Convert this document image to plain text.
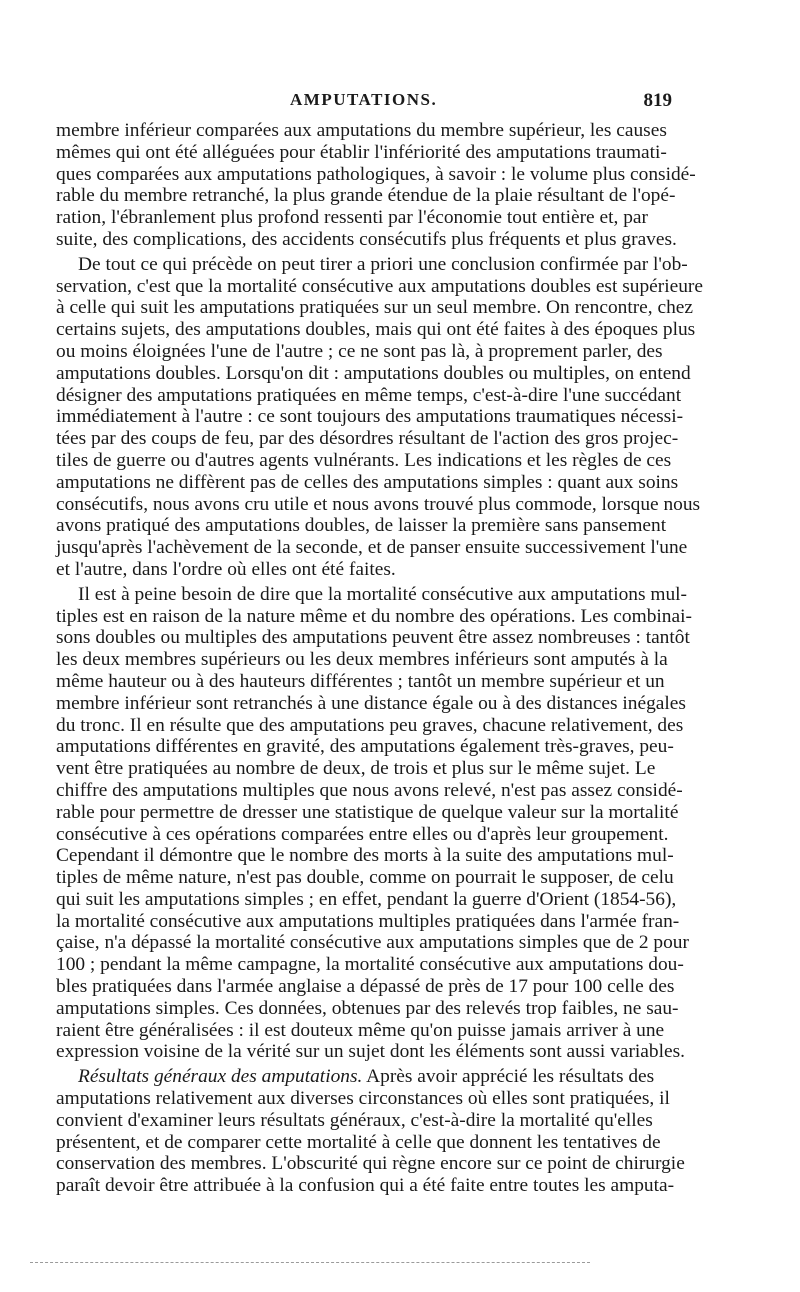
AMPUTATIONS.	819
membre inférieur comparées aux amputations du membre supérieur, les causes
mêmes qui ont été alléguées pour établir l'infériorité des amputations traumati-
ques comparées aux amputations pathologiques, à savoir : le volume plus considé-
rable du membre retranché, la plus grande étendue de la plaie résultant de l'opé-
ration, l'ébranlement plus profond ressenti par l'économie tout entière et, par
suite, des complications, des accidents consécutifs plus fréquents et plus graves.
De tout ce qui précède on peut tirer a priori une conclusion confirmée par l'ob-
servation, c'est que la mortalité consécutive aux amputations doubles est supérieure
à celle qui suit les amputations pratiquées sur un seul membre. On rencontre, chez
certains sujets, des amputations doubles, mais qui ont été faites à des époques plus
ou moins éloignées l'une de l'autre ; ce ne sont pas là, à proprement parler, des
amputations doubles. Lorsqu'on dit : amputations doubles ou multiples, on entend
désigner des amputations pratiquées en même temps, c'est-à-dire l'une succédant
immédiatement à l'autre : ce sont toujours des amputations traumatiques nécessi-
tées par des coups de feu, par des désordres résultant de l'action des gros projec-
tiles de guerre ou d'autres agents vulnérants. Les indications et les règles de ces
amputations ne diffèrent pas de celles des amputations simples : quant aux soins
consécutifs, nous avons cru utile et nous avons trouvé plus commode, lorsque nous
avons pratiqué des amputations doubles, de laisser la première sans pansement
jusqu'après l'achèvement de la seconde, et de panser ensuite successivement l'une
et l'autre, dans l'ordre où elles ont été faites.
Il est à peine besoin de dire que la mortalité consécutive aux amputations mul-
tiples est en raison de la nature même et du nombre des opérations. Les combinai-
sons doubles ou multiples des amputations peuvent être assez nombreuses : tantôt
les deux membres supérieurs ou les deux membres inférieurs sont amputés à la
même hauteur ou à des hauteurs différentes ; tantôt un membre supérieur et un
membre inférieur sont retranchés à une distance égale ou à des distances inégales
du tronc. Il en résulte que des amputations peu graves, chacune relativement, des
amputations différentes en gravité, des amputations également très-graves, peu-
vent être pratiquées au nombre de deux, de trois et plus sur le même sujet. Le
chiffre des amputations multiples que nous avons relevé, n'est pas assez considé-
rable pour permettre de dresser une statistique de quelque valeur sur la mortalité
consécutive à ces opérations comparées entre elles ou d'après leur groupement.
Cependant il démontre que le nombre des morts à la suite des amputations mul-
tiples de même nature, n'est pas double, comme on pourrait le supposer, de celu
qui suit les amputations simples ; en effet, pendant la guerre d'Orient (1854-56),
la mortalité consécutive aux amputations multiples pratiquées dans l'armée fran-
çaise, n'a dépassé la mortalité consécutive aux amputations simples que de 2 pour
100 ; pendant la même campagne, la mortalité consécutive aux amputations dou-
bles pratiquées dans l'armée anglaise a dépassé de près de 17 pour 100 celle des
amputations simples. Ces données, obtenues par des relevés trop faibles, ne sau-
raient être généralisées : il est douteux même qu'on puisse jamais arriver à une
expression voisine de la vérité sur un sujet dont les éléments sont aussi variables.
Résultats généraux des amputations. Après avoir apprécié les résultats des
amputations relativement aux diverses circonstances où elles sont pratiquées, il
convient d'examiner leurs résultats généraux, c'est-à-dire la mortalité qu'elles
présentent, et de comparer cette mortalité à celle que donnent les tentatives de
conservation des membres. L'obscurité qui règne encore sur ce point de chirurgie
paraît devoir être attribuée à la confusion qui a été faite entre toutes les amputa-
